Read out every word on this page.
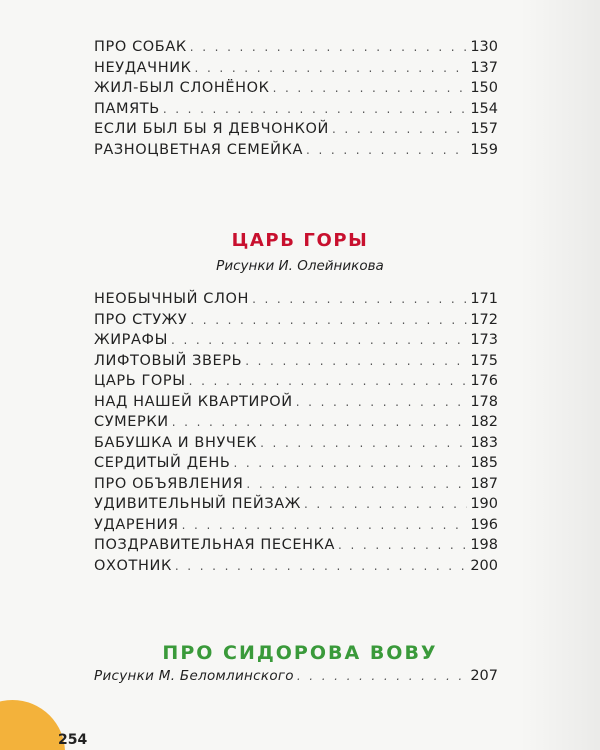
ПРО СОБАК . . .	130
НЕУДАЧНИК . . .	137
ЖИЛ-БЫЛ СЛОНЁНОК . . .	150
ПАМЯТЬ . . .	154
ЕСЛИ БЫЛ БЫ Я ДЕВЧОНКОЙ . . .	157
РАЗНОЦВЕТНАЯ СЕМЕЙКА . . .	159
ЦАРЬ ГОРЫ
Рисунки И. Олейникова
НЕОБЫЧНЫЙ СЛОН . . .	171
ПРО СТУЖУ . . .	172
ЖИРАФЫ . . .	173
ЛИФТОВЫЙ ЗВЕРЬ . . .	175
ЦАРЬ ГОРЫ . . .	176
НАД НАШЕЙ КВАРТИРОЙ . . .	178
СУМЕРКИ . . .	182
БАБУШКА И ВНУЧЕК . . .	183
СЕРДИТЫЙ ДЕНЬ . . .	185
ПРО ОБЪЯВЛЕНИЯ . . .	187
УДИВИТЕЛЬНЫЙ ПЕЙЗАЖ . . .	190
УДАРЕНИЯ . . .	196
ПОЗДРАВИТЕЛЬНАЯ ПЕСЕНКА . . .	198
ОХОТНИК . . .	200
ПРО СИДОРОВА ВОВУ
Рисунки М. Беломлинского . . .	207
254
